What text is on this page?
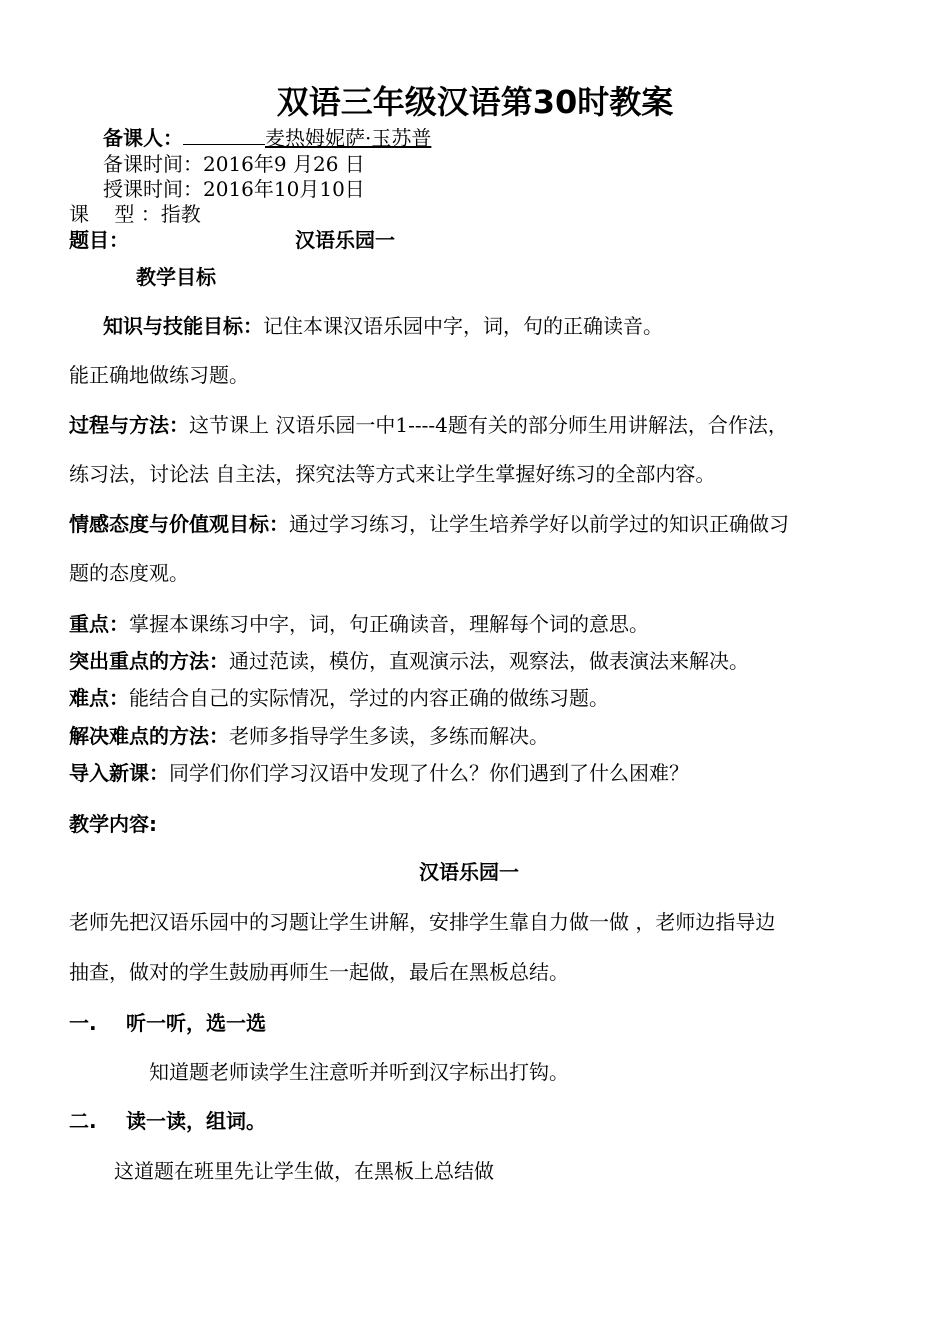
双语三年级汉语第30时教案
备课人：	麦热姆妮萨·玉苏普
备课时间：2016年9 月26 日
授课时间：2016年10月10日
课    型 ：指教
题目：	汉语乐园一
教学目标
知识与技能目标：记住本课汉语乐园中字，词，句的正确读音。
能正确地做练习题。
过程与方法：这节课上 汉语乐园一中1----4题有关的部分师生用讲解法，合作法，
练习法，讨论法 自主法，探究法等方式来让学生掌握好练习的全部内容。
情感态度与价值观目标：通过学习练习，让学生培养学好以前学过的知识正确做习
题的态度观。
重点：掌握本课练习中字，词，句正确读音，理解每个词的意思。
突出重点的方法：通过范读，模仿，直观演示法，观察法，做表演法来解决。
难点：能结合自己的实际情况，学过的内容正确的做练习题。
解决难点的方法：老师多指导学生多读，多练而解决。
导入新课：同学们你们学习汉语中发现了什么？你们遇到了什么困难？
教学内容:
汉语乐园一
老师先把汉语乐园中的习题让学生讲解，安排学生靠自力做一做 ，老师边指导边
抽查，做对的学生鼓励再师生一起做，最后在黑板总结。
一. 听一听，选一选
知道题老师读学生注意听并听到汉字标出打钩。
二. 读一读，组词。
这道题在班里先让学生做，在黑板上总结做
